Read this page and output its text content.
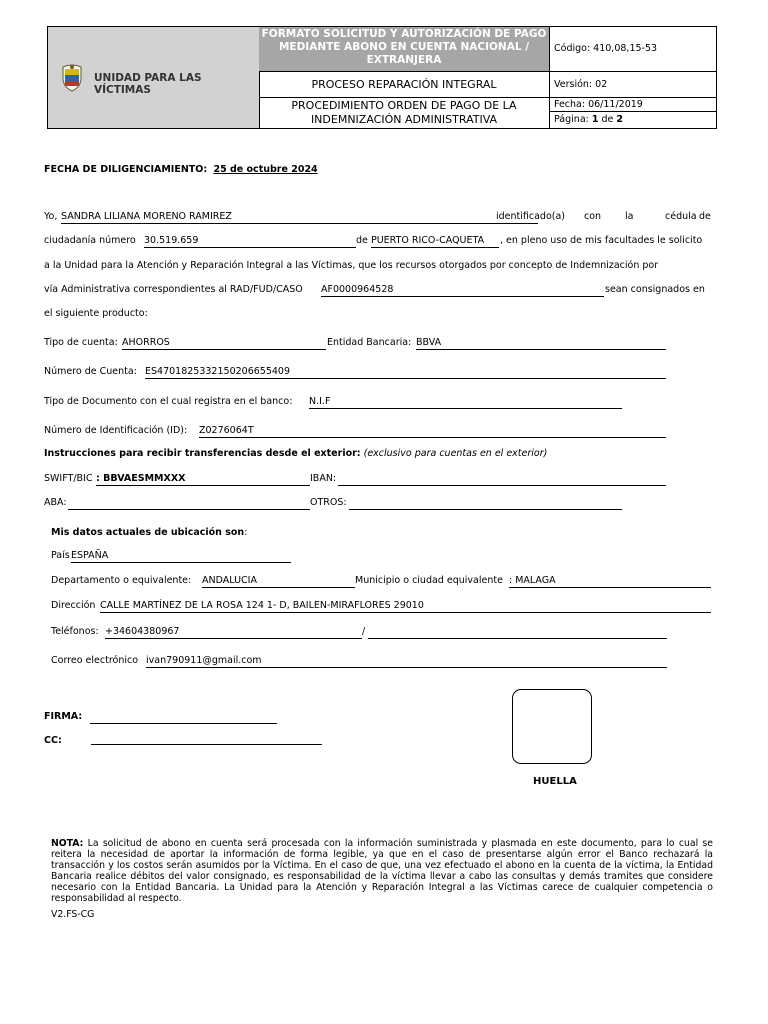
UNIDAD PARA LAS VÍCTIMAS
FORMATO SOLICITUD Y AUTORIZACIÓN DE PAGO MEDIANTE ABONO EN CUENTA NACIONAL / EXTRANJERA
PROCESO REPARACIÓN INTEGRAL
PROCEDIMIENTO ORDEN DE PAGO DE LA INDEMNIZACIÓN ADMINISTRATIVA
Código: 410,08,15-53
Versión: 02
Fecha: 06/11/2019
Página: 1 de 2
FECHA DE DILIGENCIAMIENTO: 25 de octubre 2024
Yo, SANDRA LILIANA MORENO RAMIREZ	identificado(a) con	la	cédula de
ciudadanía número 30.519.659	de PUERTO RICO-CAQUETA	, en pleno uso de mis facultades le solicito
a la Unidad para la Atención y Reparación Integral a las Víctimas, que los recursos otorgados por concepto de Indemnización por
vía Administrativa correspondientes al RAD/FUD/CASO AF0000964528	sean consignados en
el siguiente producto:
Tipo de cuenta: AHORROS	Entidad Bancaria: BBVA
Número de Cuenta: ES4701825332150206655409
Tipo de Documento con el cual registra en el banco: N.I.F
Número de Identificación (ID): Z0276064T
Instrucciones para recibir transferencias desde el exterior: (exclusivo para cuentas en el exterior)
SWIFT/BIC : BBVAESMMXXX	IBAN:
ABA:	OTROS:
Mis datos actuales de ubicación son:
País ESPAÑA
Departamento o equivalente: ANDALUCIA	Municipio o ciudad equivalente : MALAGA
Dirección CALLE MARTÍNEZ DE LA ROSA 124 1- D, BAILEN-MIRAFLORES 29010
Teléfonos: +34604380967	/
Correo electrónico ivan790911@gmail.com
FIRMA:
CC:
HUELLA
NOTA: La solicitud de abono en cuenta será procesada con la información suministrada y plasmada en este documento, para lo cual se reitera la necesidad de aportar la información de forma legible, ya que en el caso de presentarse algún error el Banco rechazará la transacción y los costos serán asumidos por la Víctima. En el caso de que, una vez efectuado el abono en la cuenta de la víctima, la Entidad Bancaria realice débitos del valor consignado, es responsabilidad de la víctima llevar a cabo las consultas y demás tramites que considere necesario con la Entidad Bancaria. La Unidad para la Atención y Reparación Integral a las Víctimas carece de cualquier competencia o responsabilidad al respecto.
V2.FS-CG
